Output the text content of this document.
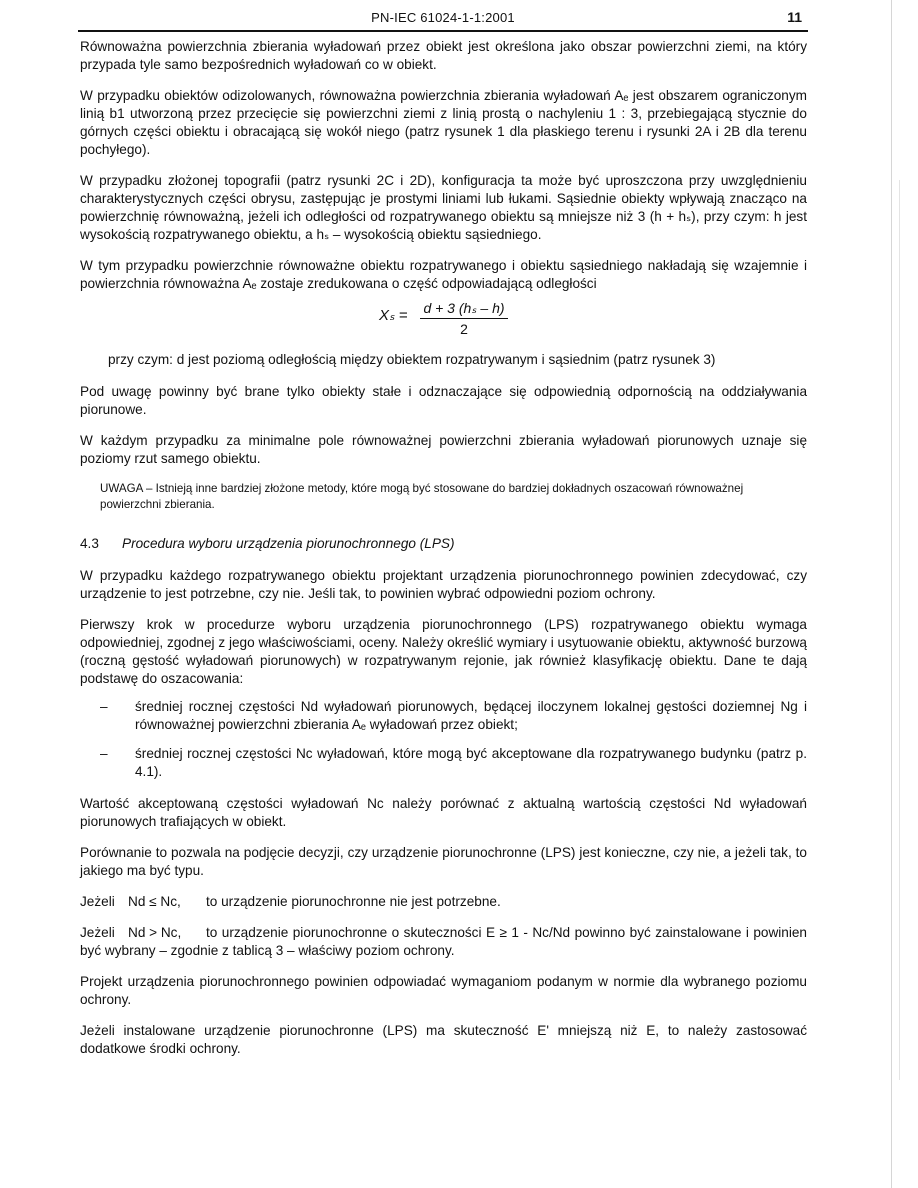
PN-IEC 61024-1-1:2001	11

Równoważna powierzchnia zbierania wyładowań przez obiekt jest określona jako obszar powierzchni ziemi, na który przypada tyle samo bezpośrednich wyładowań co w obiekt.

W przypadku obiektów odizolowanych, równoważna powierzchnia zbierania wyładowań Aₑ jest obszarem ograniczonym linią b1 utworzoną przez przecięcie się powierzchni ziemi z linią prostą o nachyleniu 1 : 3, przebiegającą stycznie do górnych części obiektu i obracającą się wokół niego (patrz rysunek 1 dla płaskiego terenu i rysunki 2A i 2B dla terenu pochyłego).

W przypadku złożonej topografii (patrz rysunki 2C i 2D), konfiguracja ta może być uproszczona przy uwzględnieniu charakterystycznych części obrysu, zastępując je prostymi liniami lub łukami. Sąsiednie obiekty wpływają znacząco na powierzchnię równoważną, jeżeli ich odległości od rozpatrywanego obiektu są mniejsze niż 3 (h + hₛ), przy czym: h jest wysokością rozpatrywanego obiektu, a hₛ – wysokością obiektu sąsiedniego.

W tym przypadku powierzchnie równoważne obiektu rozpatrywanego i obiektu sąsiedniego nakładają się wzajemnie i powierzchnia równoważna Aₑ zostaje zredukowana o część odpowiadającą odległości

$X_s = \frac{\text{d + 3 (hₛ – h)}}{2}$
przy czym: d jest poziomą odległością między obiektem rozpatrywanym i sąsiednim (patrz rysunek 3)

Pod uwagę powinny być brane tylko obiekty stałe i odznaczające się odpowiednią odpornością na oddziaływania piorunowe.

W każdym przypadku za minimalne pole równoważnej powierzchni zbierania wyładowań piorunowych uznaje się poziomy rzut samego obiektu.

UWAGA – Istnieją inne bardziej złożone metody, które mogą być stosowane do bardziej dokładnych oszacowań równoważnej powierzchni zbierania.
4.3 Procedura wyboru urządzenia piorunochronnego (LPS)

W przypadku każdego rozpatrywanego obiektu projektant urządzenia piorunochronnego powinien zdecydować, czy urządzenie to jest potrzebne, czy nie. Jeśli tak, to powinien wybrać odpowiedni poziom ochrony.

Pierwszy krok w procedurze wyboru urządzenia piorunochronnego (LPS) rozpatrywanego obiektu wymaga odpowiedniej, zgodnej z jego właściwościami, oceny. Należy określić wymiary i usytuowanie obiektu, aktywność burzową (roczną gęstość wyładowań piorunowych) w rozpatrywanym rejonie, jak również klasyfikację obiektu. Dane te dają podstawę do oszacowania:

– średniej rocznej częstości Nd wyładowań piorunowych, będącej iloczynem lokalnej gęstości doziemnej Ng i równoważnej powierzchni zbierania Aₑ wyładowań przez obiekt;
– średniej rocznej częstości Nc wyładowań, które mogą być akceptowane dla rozpatrywanego budynku (patrz p. 4.1).

Wartość akceptowaną częstości wyładowań Nc należy porównać z aktualną wartością częstości Nd wyładowań piorunowych trafiających w obiekt.

Porównanie to pozwala na podjęcie decyzji, czy urządzenie piorunochronne (LPS) jest konieczne, czy nie, a jeżeli tak, to jakiego ma być typu.

Jeżeli Nd ≤ Nc, to urządzenie piorunochronne nie jest potrzebne.
Jeżeli Nd > Nc, to urządzenie piorunochronne o skuteczności E ≥ 1 - Nc/Nd powinno być zainstalowane i powinien być wybrany – zgodnie z tablicą 3 – właściwy poziom ochrony.

Projekt urządzenia piorunochronnego powinien odpowiadać wymaganiom podanym w normie dla wybranego poziomu ochrony.

Jeżeli instalowane urządzenie piorunochronne (LPS) ma skuteczność E' mniejszą niż E, to należy zastosować dodatkowe środki ochrony.
